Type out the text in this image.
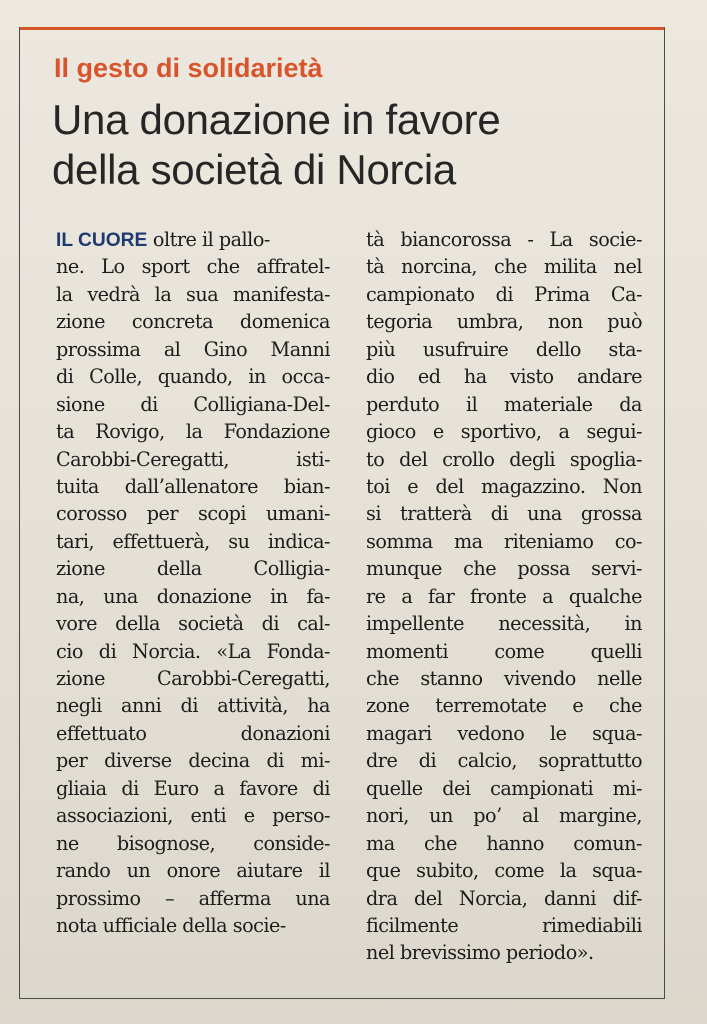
Il gesto di solidarietà

Una donazione in favore
della società di Norcia
IL CUORE oltre il pallo-
ne. Lo sport che affratel-
la vedrà la sua manifesta-
zione concreta domenica
prossima al Gino Manni
di Colle, quando, in occa-
sione di Colligiana-Del-
ta Rovigo, la Fondazione
Carobbi-Ceregatti, isti-
tuita dall’allenatore bian-
corosso per scopi umani-
tari, effettuerà, su indica-
zione della Colligia-
na, una donazione in fa-
vore della società di cal-
cio di Norcia. «La Fonda-
zione Carobbi-Ceregatti,
negli anni di attività, ha
effettuato donazioni
per diverse decina di mi-
gliaia di Euro a favore di
associazioni, enti e perso-
ne bisognose, conside-
rando un onore aiutare il
prossimo – afferma una
nota ufficiale della socie-
tà biancorossa - La socie-
tà norcina, che milita nel
campionato di Prima Ca-
tegoria umbra, non può
più usufruire dello sta-
dio ed ha visto andare
perduto il materiale da
gioco e sportivo, a segui-
to del crollo degli spoglia-
toi e del magazzino. Non
si tratterà di una grossa
somma ma riteniamo co-
munque che possa servi-
re a far fronte a qualche
impellente necessità, in
momenti come quelli
che stanno vivendo nelle
zone terremotate e che
magari vedono le squa-
dre di calcio, soprattutto
quelle dei campionati mi-
nori, un po’ al margine,
ma che hanno comun-
que subito, come la squa-
dra del Norcia, danni dif-
ficilmente rimediabili
nel brevissimo periodo».
